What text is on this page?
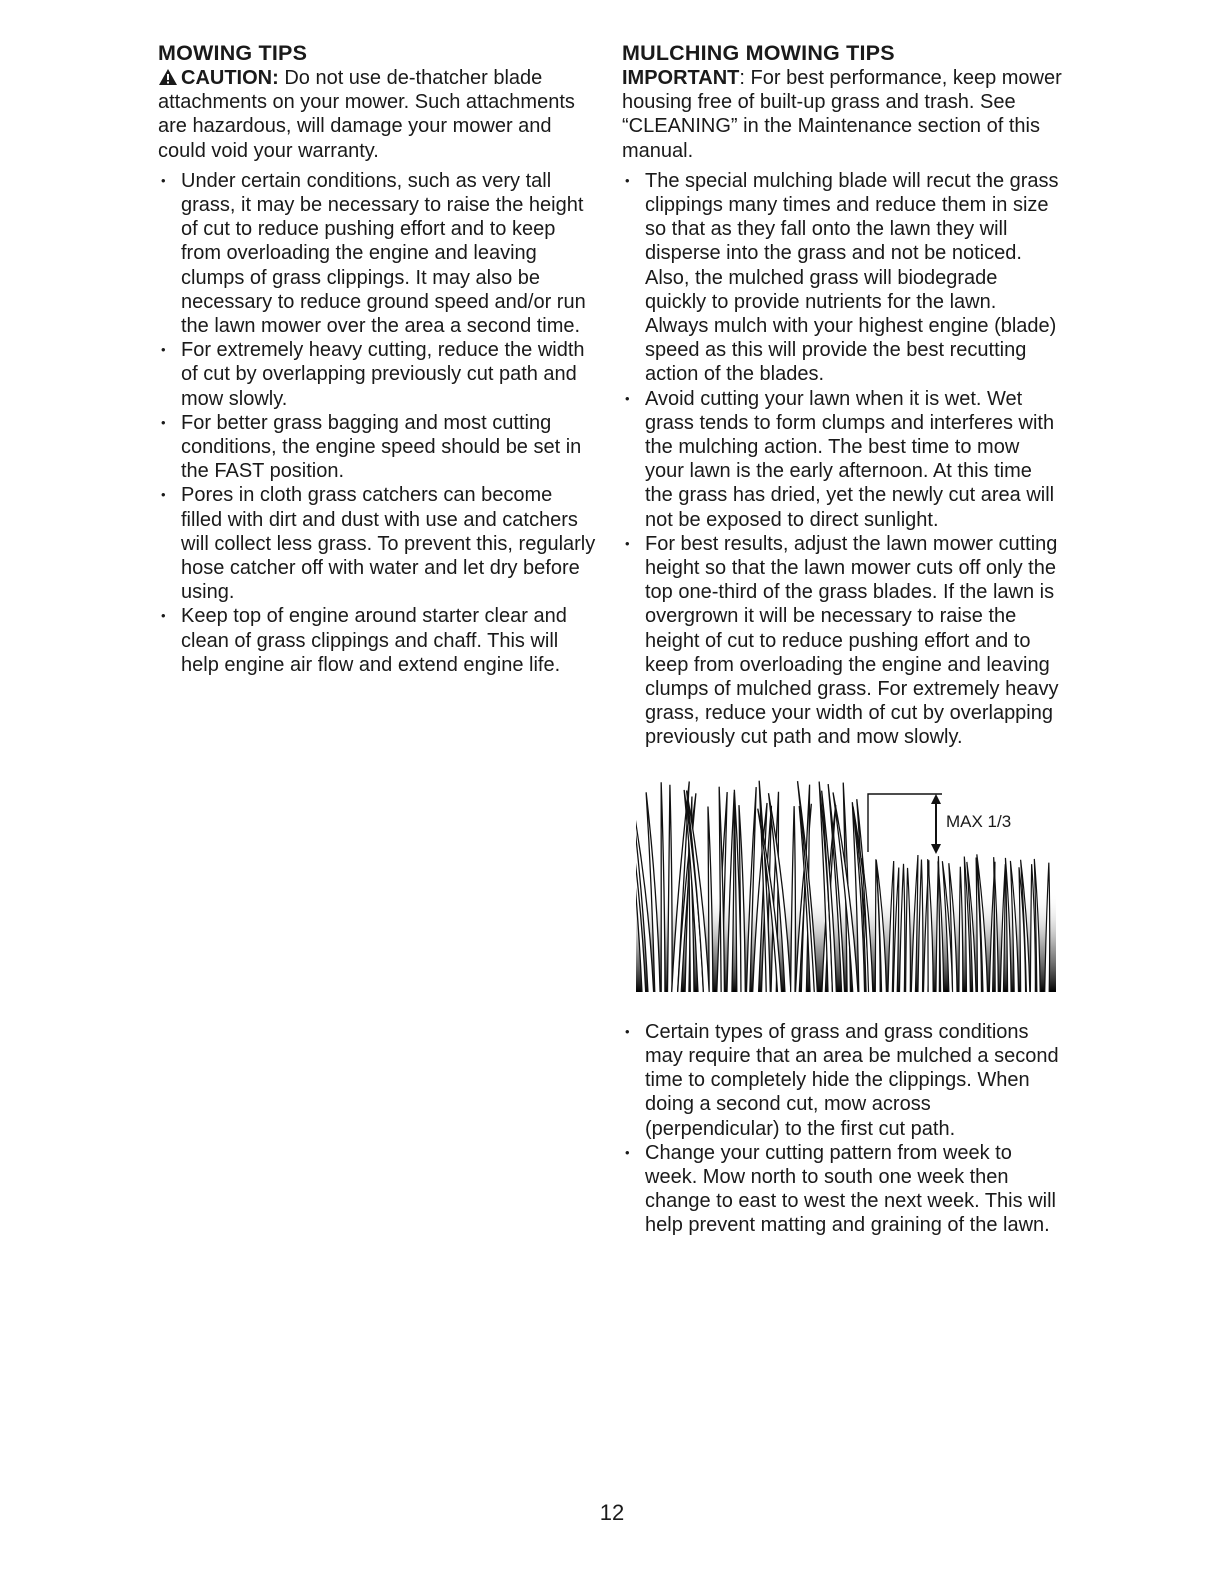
MOWING TIPS

CAUTION: Do not use de-thatcher blade attachments on your mower. Such attachments are hazardous, will damage your mower and could void your warranty.

• Under certain conditions, such as very tall grass, it may be necessary to raise the height of cut to reduce pushing effort and to keep from overloading the engine and leaving clumps of grass clippings. It may also be necessary to reduce ground speed and/or run the lawn mower over the area a second time.
• For extremely heavy cutting, reduce the width of cut by overlapping previously cut path and mow slowly.
• For better grass bagging and most cutting conditions, the engine speed should be set in the FAST position.
• Pores in cloth grass catchers can become filled with dirt and dust with use and catchers will collect less grass. To prevent this, regularly hose catcher off with water and let dry before using.
• Keep top of engine around starter clear and clean of grass clippings and chaff. This will help engine air flow and extend engine life.
MULCHING MOWING TIPS

IMPORTANT: For best performance, keep mower housing free of built-up grass and trash. See “CLEANING” in the Maintenance section of this manual.

• The special mulching blade will recut the grass clippings many times and reduce them in size so that as they fall onto the lawn they will disperse into the grass and not be noticed. Also, the mulched grass will biodegrade quickly to provide nutrients for the lawn. Always mulch with your highest engine (blade) speed as this will provide the best recutting action of the blades.
• Avoid cutting your lawn when it is wet. Wet grass tends to form clumps and interferes with the mulching action. The best time to mow your lawn is the early afternoon. At this time the grass has dried, yet the newly cut area will not be exposed to direct sunlight.
• For best results, adjust the lawn mower cutting height so that the lawn mower cuts off only the top one-third of the grass blades. If the lawn is overgrown it will be necessary to raise the height of cut to reduce pushing effort and to keep from overloading the engine and leaving clumps of mulched grass. For extremely heavy grass, reduce your width of cut by overlapping previously cut path and mow slowly.
MAX 1/3
• Certain types of grass and grass conditions may require that an area be mulched a second time to completely hide the clippings. When doing a second cut, mow across (perpendicular) to the first cut path.
• Change your cutting pattern from week to week. Mow north to south one week then change to east to west the next week. This will help prevent matting and graining of the lawn.
12
